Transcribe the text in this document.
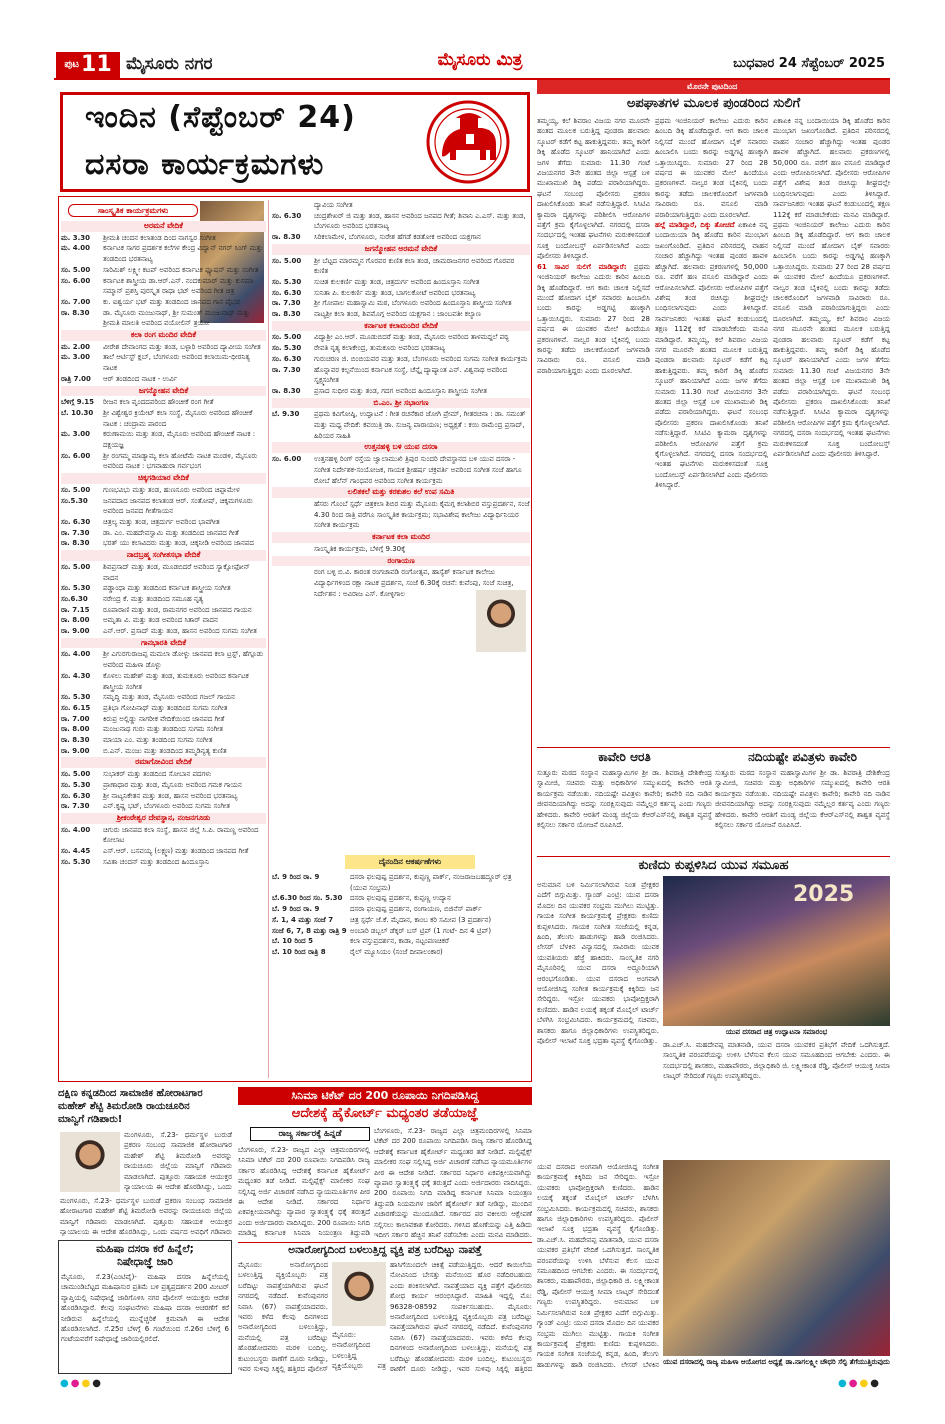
$^{ಪುಟ}$11 ಮೈಸೂರು ನಗರ	ಮೈಸೂರು ಮಿತ್ರ	ಬುಧವಾರ 24 ಸೆಪ್ಟೆಂಬರ್ 2025
ಇಂದಿನ (ಸೆಪ್ಟೆಂಬರ್ 24)
ದಸರಾ ಕಾರ್ಯಕ್ರಮಗಳು
ಸಾಂಸ್ಕೃತಿಕ ಕಾರ್ಯಕ್ರಮಗಳು
ಅರಮನೆ ವೇದಿಕೆ
ಮ. 3.30	ಶ್ರೀಮತಿ ಚಂದನ ಕಲಾತಂಡ ದಿಂದ ನಾಗಸ್ವರ ಸಂಗೀತ
ಮ. 4.00	ಕರ್ನಾಟಕ ಸಾಗರ ಪ್ರದರ್ಶಕ ಕಲೆಗಳ ಕೇಂದ್ರ ವಿದ್ವಾನ್ ನಗರ್ ಸಿಂಗ್ ಮತ್ತು ತಂಡದಿಂದ ಭರತನಾಟ್ಯ
ಸಂ. 5.00	ಸಾರಿಮಿಶ್ ಲಕ್ಷ್ಮೀ ಕಟಪ್ ಅವರಿಂದ ಕರ್ನಾಟಕ ಫ್ಯೂಷನ್ ಮತ್ತು ಸಂಗೀತ
ಸಂ. 6.00	ಕರ್ನಾಟಕ ಶಾಸ್ತ್ರೀಯ ಡಾ.ಆರ್.ಎನ್. ನಂದಕುಮಾರ್ ಮತ್ತು ಕುಸಮಾ ಸಮ್ಮಾನ್ ಪ್ರಶಸ್ತಿ ಪುರಸ್ಕೃತ ರಾಧಾ ಭಟ್ ಅವರಿಂದ ಗೀತ ಚಿತ್ರ
ಸಂ. 7.00	ಕು. ಐಶ್ವರ್ಯ ಭಟ್ ಮತ್ತು ತಂಡದಿಂದ ಜಾನಪದ ಗಾನ ವೈಭವ
ರಾ. 8.30	ಡಾ. ಮೈಸೂರು ಮಂಜುನಾಥ್, ಶ್ರೀ ಸುಮಂತ್ ಮಂಜುನಾಥ್ ಮತ್ತು ಶ್ರೀಮತಿ ಮಾಲತಿ ಅವರಿಂದ ವಯೋಲಿನ್ ತ್ರಯೋ
ಕಲಾ ರಂಗ ಮಂದಿರ ವೇದಿಕೆ
ಮ. 2.00	ವೀರೇಶ ದೇವಾಂಗದ ಮತ್ತು ತಂಡ, ಬಳ್ಳಾರಿ ಅವರಿಂದ ದ್ಯಾವೀಯ ಸಂಗೀತ
ಮ. 3.00	ತಾಲೆ ಆರ್ಟಿಸ್ಟ್ ಕ್ಲಬ್, ಬೆಂಗಳೂರು ಅವರಿಂದ ಕಲಾಯಿಮ-ಧೀರನಿತ್ಯ ನಾಟಕ
ರಾತ್ರಿ 7.00	ಆರ್ ತಂಡದಿಂದ ನಾಟಕ - ಉರ್ವಿ
ಜಗನ್ಮೋಹನ ವೇದಿಕೆ
ಬೆಳಿಗ್ಗೆ 9.15	ರೀಜನ ಕಲಾ ವೃಂದದವರಿಂದ ಹೌಂಚೀಕೆ ರಂಗ ಗೀತೆ
ಬೆ. 10.30	ಶ್ರೀ ವಿಶ್ವೇಶ್ವರ ಕ್ರಿಯೇಟ್ ಕಲಾ ಸಂಸ್ಥೆ, ಮೈಸೂರು ಅವರಿಂದ ಹೌಂಚೀಕೆ ನಾಟಕ : ಚಂದ್ರಾಮ ಪಾರಂದ
ಮ. 3.00	ಕರುಣಾಮಯಿ ಮತ್ತು ತಂಡ, ಮೈಸೂರು ಅವರಿಂದ ಹೌಂಚೀಕೆ ನಾಟಕ : ದಕ್ಷಯಜ್ಞ
ಸಂ. 6.00	ಶ್ರೀ ರಂಗಮ್ಮ ಮಾಡ್ಯಾಮ್ಯ ಕಲಾ ಹೋಟೆಮೆ ನಾಟಕ ಮಂಡಳಿ, ಮೈಸೂರು ಅವರಿಂದ ನಾಟಕ : ಭಗವಾಹುರಾ ಗರ್ವಭಂಗ
ಚಿಕ್ಕಗಡಿಯಾರ ವೇದಿಕೆ
ಸಂ. 5.00	ಗುಣಭವಿಭು ಮತ್ತು ತಂಡ, ಹುಣಸೂರು ಅವರಿಂದ ಚಿಪ್ಪಾಮೇಳ
ಸಂ.5.30	ಜನಪದಾದ ಜಾನಪದ ಕಲಾತಂಡ ಆರ್. ಸಂತೋಷ್, ಚಿಕ್ಕಮಗಳೂರು ಅವರಿಂದ ಜನಪದ ಗೀತೆಗಾಯನ
ಸಂ. 6.30	ಚಿತ್ರಲ್ಯ ಮತ್ತು ತಂಡ, ಚಿತ್ರದುರ್ಗ ಅವರಿಂದ ಭಾವಗೀತ
ರಾ. 7.30	ಡಾ. ಎಂ. ಮಹದೇವಸ್ವಾಮಿ ಮತ್ತು ತಂಡದಿಂದ ಜಾನಪದ ಗೀತೆ
ರಾ. 8.30	ಭರತ್ ಯು ಕಲಾವಿದರು ಮತ್ತು ತಂಡ, ಚಿಕ್ಕನೀಡಿ ಅವರಿಂದ ಜಾನಪದ
ನಾದಬ್ರಹ್ಮ ಸಂಗೀತಸಭಾ ವೇದಿಕೆ
ಸಂ. 5.00	ಶಿವಪ್ರಸಾದ್ ಮತ್ತು ತಂಡ, ಮೂಡಬಿದರೆ ಅವರಿಂದ ಸ್ಯಾಕ್ಸೋಫೋನ್ ವಾದನ
ಸಂ. 5.30	ಪಡ್ಡಾಂಧಾ ಮತ್ತು ತಂಡದಿಂದ ಕರ್ನಾಟಕ ಶಾಸ್ತ್ರೀಯ ಸಂಗೀತ
ಸಂ.6.30	ನರೇಂದ್ರ ಕೆ. ಮತ್ತು ತಂಡದಿಂದ ಸಮೂಹ ನೃತ್ಯ
ರಾ. 7.15	ರೂಪಾರಾಣಿ ಮತ್ತು ತಂಡ, ರಾಮನಗರ ಅವರಿಂದ ಜಾನಪದ ಗಾಯನ
ರಾ. 8.00	ಅಮೃತಾ ವಿ. ಮತ್ತು ತಂಡ ಅವರಿಂದ ಸಿತಾರ್ ವಾದನ
ರಾ. 9.00	ಎನ್.ಆರ್. ಪ್ರಸಾದ್ ಮತ್ತು ತಂಡ, ಹಾಸನ ಅವರಿಂದ ಸುಗಮ ಸಂಗೀತ
ಗಾನಭಾರತಿ ವೇದಿಕೆ
ಸಂ. 4.00	ಶ್ರೀ ಎಗುರಗುರಾಜಪ್ಪ ಮಮಲಾ ಡೋಳ್ಳು ಜಾನಪದ ಕಲಾ ಟ್ರಸ್ಟ್, ಹೆಗ್ಗೂಡು ಅವರಿಂದ ಮಹಿಳಾ ಡೊಳ್ಳು
ಸಂ. 4.30	ಕೊಳಲು ಮಹೇಶ್ ಮತ್ತು ತಂಡ, ತುಮಕೂರು ಅವರಿಂದ ಕರ್ನಾಟಕ ಶಾಸ್ತ್ರೀಯ ಸಂಗೀತ
ಸಂ. 5.30	ಸಮೃದ್ಧಿ ಮತ್ತು ತಂಡ, ಮೈಸೂರು ಅವರಿಂದ ಗಜಲ್ ಗಾಯನ
ಸಂ. 6.15	ಪ್ರತಿಭಾ ಗೋಪಿನಾಥ್ ಮತ್ತು ತಂಡದಿಂದ ಸುಗಮ ಸಂಗೀತ
ರಾ. 7.00	ಕಿರುಪ್ರ ಅಲ್ಲಿಡ್ಡು ನಾಗರೀಕ ವೇದಿಕೆಯಿಂದ ಜಾನಪದ ಗೀತೆ
ರಾ. 8.00	ಮಂಜುನಾಥ ಗುರು ಮತ್ತು ತಂಡದಿಂದ ಸುಗಮ ಸಂಗೀತ
ರಾ. 8.30	ಮಾಯಾ ಎಂ. ಮತ್ತು ತಂಡದಿಂದ ಸುಗಮ ಸಂಗೀತ
ರಾ. 9.00	ಬಿ.ಎನ್. ಮಂಜು ಮತ್ತು ತಂಡದಿಂದ ತಮ್ಮಡಿನ್ಯತ್ಯ ಕುಣಿತ
ರಮಾಗೋವಿಂದ ವೇದಿಕೆ
ಸಂ. 5.00	ಸುಭಾಕರ್ ಮತ್ತು ತಂಡದಿಂದ ಸೋಬಾನ ಪದಗಳು
ಸಂ. 5.30	ಪ್ರಾಣಾಧಾರ ಮತ್ತು ತಂಡ, ಮೈಸೂರು ಅವರಿಂದ ಗಮಕ ಗಾಯನ
ಸಂ. 6.30	ಶ್ರೀ ನಾಟ್ಯನಿಕೇತನ ಮತ್ತು ತಂಡ, ಹಾಸನ ಅವರಿಂದ ಭರತನಾಟ್ಯ
ರಾ. 7.30	ಎನ್.ಕೃಷ್ಣ ಭಟ್, ಬೆಂಗಳೂರು ಅವರಿಂದ ಸುಗಮ ಸಂಗೀತ
ಶ್ರೀಕಂಠೇಶ್ವರ ದೇವಸ್ಥಾನ, ನಂಜನಗೂಡು
ಸಂ. 4.00	ಚಿಗುರು ಜಾನಪದ ಕಲಾ ಸಂಸ್ಥೆ, ಹಾಸನ ಜಿಲ್ಲೆ ಸಿ.ಪಿ. ರಾಮಣ್ಣ ಅವರಿಂದ ಕೋಲಾಟ
ಸಂ. 4.45	ಎಸ್.ಆರ್. ಬಸವಯ್ಯ (ಲಕ್ಷ್ಮಣ) ಮತ್ತು ತಂಡದಿಂದ ಜಾನಪದ ಗೀತೆ
ಸಂ. 5.30	ಸವಿತಾ ಚಂದನ್ ಮತ್ತು ತಂಡದಿಂದ ಹಿಂದೂಸ್ತಾನಿ
ದ್ಯಾವಿಯ ಸಂಗೀತ
ಸಂ. 6.30	ಚಂದ್ರಶೇಖರ್ ಜಿ ಮತ್ತು ತಂಡ, ಹಾಸನ ಅವರಿಂದ ಜನಪದ ಗೀತೆ; ಶಿವಾನಿ ಎ.ಎಸ್. ಮತ್ತು ತಂಡ, ಬೆಂಗಳೂರು ಅವರಿಂದ ಭರತನಾಟ್ಯ
ರಾ. 8.30	ಸಿರಿಕಲಾಮೇಳ, ಬೆಂಗಳೂರು, ಸುರೇಶ ಹೆಗಡೆ ಕಡತೋಕ ಅವರಿಂದ ಯಕ್ಷಗಾನ
ಜಗನ್ಮೋಹನ ಅರಮನೆ ವೇದಿಕೆ
ಸಂ. 5.00	ಶ್ರೀ ಬೆಟ್ಟದ ಮಾರಮ್ಮನ ಗೊರವರ ಕುಣಿತ ಕಲಾ ತಂಡ, ಚಾಮರಾಜನಗರ ಅವರಿಂದ ಗೊರವರ ಕುಣಿತ
ಸಂ. 5.30	ಸುಚಿತ ಕುಲಕರ್ಣಿ ಮತ್ತು ತಂಡ, ಚಿತ್ರದುರ್ಗ ಅವರಿಂದ ಹಿಂದೂಸ್ತಾನಿ ಸಂಗೀತ
ಸಂ. 6.30	ಸುನಿತಾ ಪಿ. ಕುಲಕರ್ಣಿ ಮತ್ತು ತಂಡ, ಬಾಗಲಕೋಟೆ ಅವರಿಂದ ಭರತನಾಟ್ಯ
ರಾ. 7.30	ಶ್ರೀ ಗೋಪಾಲ ಮಹಾಸ್ವಾಮಿ ಮಠ, ಬೆಂಗಳೂರು ಅವರಿಂದ ಹಿಂದೂಸ್ತಾನಿ ಶಾಸ್ತ್ರೀಯ ಸಂಗೀತ
ರಾ. 8.30	ನಾಟ್ಯಶ್ರೀ ಕಲಾ ತಂಡ, ಶಿವಮೊಗ್ಗ ಅವರಿಂದ ಯಕ್ಷಗಾನ : ಜಾಂಬವತೀ ಕಲ್ಯಾಣ
ಕರ್ನಾಟಕ ಕಲಾಮಂದಿರ ವೇದಿಕೆ
ಸಂ. 5.00	ವಿದ್ಯಾಶ್ರೀ ಎಂ.ಆರ್. ಮೂಡುಬಿದರೆ ಮತ್ತು ತಂಡ, ಮೈಸೂರು ಅವರಿಂದ ತಾಳಮದ್ದಲೆ ಪಠ್ಯ
ಸಂ. 5.30	ರೇವತಿ ನೃತ್ಯ ಕಲಾಕೇಂದ್ರ, ತುಮಕೂರು ಅವರಿಂದ ಭರತನಾಟ್ಯ
ಸಂ. 6.30	ಗುರುಚರಣ ಜಿ. ಬಿಂಬಿಯವರ ಮತ್ತು ತಂಡ, ಬೆಂಗಳೂರು ಅವರಿಂದ ಸುಗಮ ಸಂಗೀತ ಕಾರ್ಯಕ್ರಮ
ರಾ. 7.30	ಹೊನ್ನಾವರ ಕಲ್ಪನೆಯಿಂದ ಕರ್ನಾಟಕ ಸಂಸ್ಥೆ, ಚೆನ್ನೈ ದ್ಯಾಷ್ಯಾಂತ ಎನ್. ವಿಶ್ವನಾಥ ಅವರಿಂದ ಸೃಕ್ಷ್ಮಸಂಗೀತ
ರಾ. 8.30	ಪ್ರಸಾದ ಸುಧೀರ ಮತ್ತು ತಂಡ, ಗದಗ ಅವರಿಂದ ಹಿಂದೂಸ್ತಾನಿ ಶಾಸ್ತ್ರೀಯ ಸಂಗೀತ
ಬಿ.ಎಂ. ಶ್ರೀ ಸಭಾಂಗಣ
ಬೆ. 9.30	ಪ್ರಥಮ ಕವಿಗೋಷ್ಠಿ, ಉದ್ಘಾಟನೆ : ಗೀತ ರಚನೆಕಾರ ಜೋಗಿ ಪ್ರೇಮ್, ಗೀತರಚನಾ : ಡಾ. ಸಮಂತ್ ಮತ್ತು ಮಧ್ಯ ವೇದಿಕೆ: ಕವಯಿತ್ರಿ ಡಾ. ಸುಜನ್ಯ ಪಾರಾಯಣ; ಅಧ್ಯಕ್ಷತೆ : ಕಯಿ ರಾಮೆಂದ್ರ ಪ್ರಸಾದ್, ಹಿರಿಯರ ಸಾಹಿತಿ
ಉತ್ತನಹಳ್ಳಿ ಬಳಿ ಯುವ ದಸರಾ
ಸಂ. 6.00	ಉತ್ತನಹಳ್ಳಿ ರಿಂಗ್ ರಸ್ತೆಯ ಜ್ವಾಲಾಮುಖಿ ತ್ರಿಪುರ ಸುಂದರಿ ದೇವಸ್ಥಾನದ ಬಳಿ ಯುವ ದಸರಾ - ಸಂಗೀತ ನಿರ್ದೇಶಕ-ಸಂಯೋಜಕ, ಗಾಯಕ ಶ್ರೀಹರ್ಷ ಚಕ್ರವರ್ತಿ ಅವರಿಂದ ಸಂಗೀತ ಸಂಜೆ ಹಾಗೂ ರೋಬೆ ಹೆಲೆನ್ ಗಾಂಧವರ ಅವರಿಂದ ಸಂಗೀತ ಕಾರ್ಯಕ್ರಮ
ಲಲಿತಕಲೆ ಮತ್ತು ಕರಕುಶಲ ಕಲೆ ಉಪ ಸಮಿತಿ
ಹೆಸರು ಗೊಂಬೆ ಸ್ಪರ್ಧೆ ಚಿತ್ರಕಲಾ ಶಿಬಿರ ಮತ್ತು ಮೈಸೂರು ಕೈಮಗ್ಗ ಕಲಾಶಿಬಿರ ವಸ್ತುಪ್ರದರ್ಶನ, ಸಂಜೆ 4.30 ರಿಂದ ರಾತ್ರಿ ವರೆಗೂ ಸಾಂಸ್ಕೃತಿಕ ಕಾರ್ಯಕ್ರಮ; ಸಭಾವಿಶೇಷ ಕಾಲೇಜು ವಿದ್ಯಾರ್ಥಿನಿಯರ ಸಂಗೀತ ಕಾರ್ಯಕ್ರಮ
ಕರ್ನಾಟಕ ಕಲಾ ಮಂದಿರ
ಸಾಂಸ್ಕೃತಿಕ ಕಾರ್ಯಕ್ರಮ, ಬೆಳಿಗ್ಗೆ 9.30ಕ್ಕೆ
ರಂಗಾಯಣ
ರಂಗ ಬಳ್ಳಿ ಬಿ.ವಿ. ಕಾರಂತ ರಂಗಚಾವಡಿ ರಂಗೋತ್ಸವ, ಹಾಸ್ಯೆಶ್ ಕರ್ನಾಟಕ ಕಾಲೇಜು ವಿದ್ಯಾರ್ಥಿಗಳಿಂದ ರಕ್ಷಾ ನಾಟಕ ಪ್ರದರ್ಶನ, ಸಂಜೆ 6.30ಕ್ಕೆ ರಚನೆ: ಕುವೆಂಪು, ಸಂಜೆ ಸುಚಿತ್ರ, ನಿರ್ದೇಶನ : ಅವಿರಾಜ ಎಸ್. ಕೋಳ್ಳಿಗಾಲ
ದೈನಂದಿನ ಆಕರ್ಷಣೆಗಳು
ಬೆ. 9 ರಿಂದ ರಾ. 9	ದಸರಾ ಫಲಪುಷ್ಪ ಪ್ರದರ್ಶನ, ಕುಪ್ಪಣ್ಣ ಪಾರ್ಕ್, ನಂಜರಾಜಬಹದ್ದೂರ್ ಛತ್ರ (ಯುವ ಸಂಭ್ರಮ)
ಬೆ.6.30 ರಿಂದ ಸಂ. 5.30	ದಸರಾ ಫಲಪುಷ್ಪ ಪ್ರದರ್ಶನ, ಕುಪ್ಪಣ್ಣ ಉದ್ಯಾನ
ಬೆ. 9 ರಿಂದ ರಾ. 9	ದಸರಾ ಫಲಪುಷ್ಪ ಪ್ರದರ್ಶನ, ರಂಗಾಯಣ, ಬಿಜಿನೆಸ್ ಪಾರ್ಕ್
ಸೆ. 1, 4 ಮತ್ತು ಸಂಜೆ 7	ಚಿತ್ರ ಸ್ಪರ್ಧೆ ಜೆ.ಕೆ. ಮೈದಾನ, ಕಾಂಬ ಕರಿ ಸಮೀಪ (3 ಪ್ರದರ್ಶನ)
ಸಂಜೆ 6, 7, 8 ಮತ್ತು ರಾತ್ರಿ 9 ಅಂಬಾರಿ ಡಬ್ಬಲ್ ಡೆಕ್ಕರ್ ಬಸ್ ಟ್ರಿಪ್ (1 ಗಂಟೆ- ದಿನ 4 ಟ್ರಿಪ್)
ಬೆ. 10 ರಿಂದ 5	ಕಲಾ ವಸ್ತುಪ್ರದರ್ಶನ, ಕಾಡಾ, ನಟ್ಟಂಪಣಚಿಕರೆ
ಬೆ. 10 ರಿಂದ ರಾತ್ರಿ 8	ರೈಲ್ ಮ್ಯೂಸಿಯಂ (ಸಂಜೆ ದೀಪಾಲಂಕಾರ)
ಮೊರನೇ ಪುಟದಿಂದ
ಅಪಘಾತಗಳ ಮೂಲಕ ಪುಂಡರಿಂದ ಸುಲಿಗೆ
ತಮ್ಮಯ್ಯ, ಕಲೆ ಶಿವರಾಂ ವಿಜಯ ನಗರ ಮೂರನೇ ಹಂತದ ಮೂಲಕ ಬರುತ್ತಿದ್ದ ಪುಂಡರಾ ಹಲವಾರು ಸ್ಕೂಟರ್ ಕಡೆಗೆ ಕಟ್ಟ ಹಾಕುತ್ತಿದ್ದವರು. ತಮ್ಮ ಕಾರಿಗೆ ಡಿಕ್ಕಿ ಹೊಡೆದ ಸ್ಕೂಟರ್ ಹಾನಿಯಾಗಿದೆ ಎಂದು ಜಗಳ ತೆಗೆದು ಸುಮಾರು 11.30 ಗಂಟೆ ವಿಜಯನಗರ 3ನೇ ಹಂತದ ಜಿಲ್ಲಾ ಆಸ್ಪತ್ರೆ ಬಳಿ ಮುಖಾಮುಖಿ ಡಿಕ್ಕಿ ಪಡೆದು ಪರಾರಿಯಾಗಿದ್ದರು. ಘಟನೆ ಸಂಬಂಧ ಪೊಲೀಸರು ಪ್ರಕರಣ ದಾಖಲಿಸಿಕೊಂಡು ತನಿಖೆ ನಡೆಸುತ್ತಿದ್ದಾರೆ. ಸಿಸಿಟಿವಿ ಕ್ಯಾಮರಾ ದೃಶ್ಯಗಳನ್ನು ಪರಿಶೀಲಿಸಿ ಆರೋಪಿಗಳ ಪತ್ತೆಗೆ ಕ್ರಮ ಕೈಗೊಳ್ಳಲಾಗಿದೆ. ನಗರದಲ್ಲಿ ದಸರಾ ಸಂದರ್ಭದಲ್ಲಿ ಇಂತಹ ಘಟನೆಗಳು ಮರುಕಳಿಸದಂತೆ ಸೂಕ್ತ ಬಂದೋಬಸ್ತ್ ಏರ್ಪಡಿಸಲಾಗಿದೆ ಎಂದು ಪೊಲೀಸರು ತಿಳಿಸಿದ್ದಾರೆ.
61 ಸಾವಿರ ಸುಲಿಗೆ ಮಾಡಿದ್ದಾರೆ: ಪ್ರಥಮ ಇಂಜಿನಿಯರ್ ಕಾಲೇಜು ಎದುರು ಕಾರಿನ ಹಿಂಬದಿ ಡಿಕ್ಕಿ ಹೊಡೆದಿದ್ದಾರೆ. ಆಗ ಕಾರು ಚಾಲಕ ನಿಲ್ಲಿಸದೆ ಮುಂದೆ ಹೋದಾಗ ಬೈಕ್ ಸವಾರರು ಹಿಂಬಾಲಿಸಿ ಬಂದು ಕಾರನ್ನು ಅಡ್ಡಗಟ್ಟಿ ಹಣಕ್ಕಾಗಿ ಒತ್ತಾಯಿಸಿದ್ದರು. ಸುಮಾರು 27 ರಿಂದ 28 ವರ್ಷದ ಈ ಯುವಕರ ಮೇಲೆ ಹಿಂದೆಯೂ ಪ್ರಕರಣಗಳಿವೆ. ನಾಲ್ವರ ತಂಡ ಬೈಕಿನಲ್ಲಿ ಬಂದು ಕಾರನ್ನು ತಡೆದು ಚಾಲಕರೊಂದಿಗೆ ಜಗಳವಾಡಿ ಸಾವಿರಾರು ರೂ. ವಸೂಲಿ ಮಾಡಿ ಪರಾರಿಯಾಗುತ್ತಿದ್ದರು ಎಂದು ದೂರಲಾಗಿದೆ.
ಪ್ರಥಮ ಇಂಜಿನಿಯರ್ ಕಾಲೇಜು ಎದುರು ಕಾರಿನ ಹಿಂಬದಿ ಡಿಕ್ಕಿ ಹೊಡೆದಿದ್ದಾರೆ. ಆಗ ಕಾರು ಚಾಲಕ ನಿಲ್ಲಿಸದೆ ಮುಂದೆ ಹೋದಾಗ ಬೈಕ್ ಸವಾರರು ಹಿಂಬಾಲಿಸಿ ಬಂದು ಕಾರನ್ನು ಅಡ್ಡಗಟ್ಟಿ ಹಣಕ್ಕಾಗಿ ಒತ್ತಾಯಿಸಿದ್ದರು. ಸುಮಾರು 27 ರಿಂದ 28 ವರ್ಷದ ಈ ಯುವಕರ ಮೇಲೆ ಹಿಂದೆಯೂ ಪ್ರಕರಣಗಳಿವೆ. ನಾಲ್ವರ ತಂಡ ಬೈಕಿನಲ್ಲಿ ಬಂದು ಕಾರನ್ನು ತಡೆದು ಚಾಲಕರೊಂದಿಗೆ ಜಗಳವಾಡಿ ಸಾವಿರಾರು ರೂ. ವಸೂಲಿ ಮಾಡಿ ಪರಾರಿಯಾಗುತ್ತಿದ್ದರು ಎಂದು ದೂರಲಾಗಿದೆ.
ಹಲ್ಲೆ ಮಾಡಿದ್ದಾರೆ, ದಿಕ್ಕು ತೋಚದೆ ಏಕಾಏಕಿ ನನ್ನ ಬಂದಾಯಿಯಾ ಡಿಕ್ಕಿ ಹೊಡೆದ ಕಾರಿನ ಮುಂಭಾಗ ಜಖಂಗೊಂಡಿದೆ. ಪ್ರತಿದಿನ ಪರಿಸರದಲ್ಲಿ ವಾಹನ ಸಂಚಾರ ಹೆಚ್ಚಾಗಿದ್ದು ಇಂತಹ ಪುಂಡರ ಹಾವಳಿ ಹೆಚ್ಚಾಗಿದೆ. ಹಲವಾರು ಪ್ರಕರಣಗಳಲ್ಲಿ 50,000 ರೂ. ವರೆಗೆ ಹಣ ವಸೂಲಿ ಮಾಡಿದ್ದಾರೆ ಎಂದು ಆರೋಪಿಸಲಾಗಿದೆ. ಪೊಲೀಸರು ಆರೋಪಿಗಳ ಪತ್ತೆಗೆ ವಿಶೇಷ ತಂಡ ರಚಿಸಿದ್ದು ಶೀಘ್ರದಲ್ಲೇ ಬಂಧಿಸಲಾಗುವುದು ಎಂದು ತಿಳಿಸಿದ್ದಾರೆ. ಸಾರ್ವಜನಿಕರು ಇಂತಹ ಘಟನೆ ಕಂಡುಬಂದಲ್ಲಿ ತಕ್ಷಣ 112ಕ್ಕೆ ಕರೆ ಮಾಡಬೇಕೆಂದು ಮನವಿ ಮಾಡಿದ್ದಾರೆ. ತಮ್ಮಯ್ಯ, ಕಲೆ ಶಿವರಾಂ ವಿಜಯ ನಗರ ಮೂರನೇ ಹಂತದ ಮೂಲಕ ಬರುತ್ತಿದ್ದ ಪುಂಡರಾ ಹಲವಾರು ಸ್ಕೂಟರ್ ಕಡೆಗೆ ಕಟ್ಟ ಹಾಕುತ್ತಿದ್ದವರು. ತಮ್ಮ ಕಾರಿಗೆ ಡಿಕ್ಕಿ ಹೊಡೆದ ಸ್ಕೂಟರ್ ಹಾನಿಯಾಗಿದೆ ಎಂದು ಜಗಳ ತೆಗೆದು ಸುಮಾರು 11.30 ಗಂಟೆ ವಿಜಯನಗರ 3ನೇ ಹಂತದ ಜಿಲ್ಲಾ ಆಸ್ಪತ್ರೆ ಬಳಿ ಮುಖಾಮುಖಿ ಡಿಕ್ಕಿ ಪಡೆದು ಪರಾರಿಯಾಗಿದ್ದರು. ಘಟನೆ ಸಂಬಂಧ ಪೊಲೀಸರು ಪ್ರಕರಣ ದಾಖಲಿಸಿಕೊಂಡು ತನಿಖೆ ನಡೆಸುತ್ತಿದ್ದಾರೆ. ಸಿಸಿಟಿವಿ ಕ್ಯಾಮರಾ ದೃಶ್ಯಗಳನ್ನು ಪರಿಶೀಲಿಸಿ ಆರೋಪಿಗಳ ಪತ್ತೆಗೆ ಕ್ರಮ ಕೈಗೊಳ್ಳಲಾಗಿದೆ. ನಗರದಲ್ಲಿ ದಸರಾ ಸಂದರ್ಭದಲ್ಲಿ ಇಂತಹ ಘಟನೆಗಳು ಮರುಕಳಿಸದಂತೆ ಸೂಕ್ತ ಬಂದೋಬಸ್ತ್ ಏರ್ಪಡಿಸಲಾಗಿದೆ ಎಂದು ಪೊಲೀಸರು ತಿಳಿಸಿದ್ದಾರೆ.
ಏಕಾಏಕಿ ನನ್ನ ಬಂದಾಯಿಯಾ ಡಿಕ್ಕಿ ಹೊಡೆದ ಕಾರಿನ ಮುಂಭಾಗ ಜಖಂಗೊಂಡಿದೆ. ಪ್ರತಿದಿನ ಪರಿಸರದಲ್ಲಿ ವಾಹನ ಸಂಚಾರ ಹೆಚ್ಚಾಗಿದ್ದು ಇಂತಹ ಪುಂಡರ ಹಾವಳಿ ಹೆಚ್ಚಾಗಿದೆ. ಹಲವಾರು ಪ್ರಕರಣಗಳಲ್ಲಿ 50,000 ರೂ. ವರೆಗೆ ಹಣ ವಸೂಲಿ ಮಾಡಿದ್ದಾರೆ ಎಂದು ಆರೋಪಿಸಲಾಗಿದೆ. ಪೊಲೀಸರು ಆರೋಪಿಗಳ ಪತ್ತೆಗೆ ವಿಶೇಷ ತಂಡ ರಚಿಸಿದ್ದು ಶೀಘ್ರದಲ್ಲೇ ಬಂಧಿಸಲಾಗುವುದು ಎಂದು ತಿಳಿಸಿದ್ದಾರೆ. ಸಾರ್ವಜನಿಕರು ಇಂತಹ ಘಟನೆ ಕಂಡುಬಂದಲ್ಲಿ ತಕ್ಷಣ 112ಕ್ಕೆ ಕರೆ ಮಾಡಬೇಕೆಂದು ಮನವಿ ಮಾಡಿದ್ದಾರೆ. ಪ್ರಥಮ ಇಂಜಿನಿಯರ್ ಕಾಲೇಜು ಎದುರು ಕಾರಿನ ಹಿಂಬದಿ ಡಿಕ್ಕಿ ಹೊಡೆದಿದ್ದಾರೆ. ಆಗ ಕಾರು ಚಾಲಕ ನಿಲ್ಲಿಸದೆ ಮುಂದೆ ಹೋದಾಗ ಬೈಕ್ ಸವಾರರು ಹಿಂಬಾಲಿಸಿ ಬಂದು ಕಾರನ್ನು ಅಡ್ಡಗಟ್ಟಿ ಹಣಕ್ಕಾಗಿ ಒತ್ತಾಯಿಸಿದ್ದರು. ಸುಮಾರು 27 ರಿಂದ 28 ವರ್ಷದ ಈ ಯುವಕರ ಮೇಲೆ ಹಿಂದೆಯೂ ಪ್ರಕರಣಗಳಿವೆ. ನಾಲ್ವರ ತಂಡ ಬೈಕಿನಲ್ಲಿ ಬಂದು ಕಾರನ್ನು ತಡೆದು ಚಾಲಕರೊಂದಿಗೆ ಜಗಳವಾಡಿ ಸಾವಿರಾರು ರೂ. ವಸೂಲಿ ಮಾಡಿ ಪರಾರಿಯಾಗುತ್ತಿದ್ದರು ಎಂದು ದೂರಲಾಗಿದೆ. ತಮ್ಮಯ್ಯ, ಕಲೆ ಶಿವರಾಂ ವಿಜಯ ನಗರ ಮೂರನೇ ಹಂತದ ಮೂಲಕ ಬರುತ್ತಿದ್ದ ಪುಂಡರಾ ಹಲವಾರು ಸ್ಕೂಟರ್ ಕಡೆಗೆ ಕಟ್ಟ ಹಾಕುತ್ತಿದ್ದವರು. ತಮ್ಮ ಕಾರಿಗೆ ಡಿಕ್ಕಿ ಹೊಡೆದ ಸ್ಕೂಟರ್ ಹಾನಿಯಾಗಿದೆ ಎಂದು ಜಗಳ ತೆಗೆದು ಸುಮಾರು 11.30 ಗಂಟೆ ವಿಜಯನಗರ 3ನೇ ಹಂತದ ಜಿಲ್ಲಾ ಆಸ್ಪತ್ರೆ ಬಳಿ ಮುಖಾಮುಖಿ ಡಿಕ್ಕಿ ಪಡೆದು ಪರಾರಿಯಾಗಿದ್ದರು. ಘಟನೆ ಸಂಬಂಧ ಪೊಲೀಸರು ಪ್ರಕರಣ ದಾಖಲಿಸಿಕೊಂಡು ತನಿಖೆ ನಡೆಸುತ್ತಿದ್ದಾರೆ. ಸಿಸಿಟಿವಿ ಕ್ಯಾಮರಾ ದೃಶ್ಯಗಳನ್ನು ಪರಿಶೀಲಿಸಿ ಆರೋಪಿಗಳ ಪತ್ತೆಗೆ ಕ್ರಮ ಕೈಗೊಳ್ಳಲಾಗಿದೆ. ನಗರದಲ್ಲಿ ದಸರಾ ಸಂದರ್ಭದಲ್ಲಿ ಇಂತಹ ಘಟನೆಗಳು ಮರುಕಳಿಸದಂತೆ ಸೂಕ್ತ ಬಂದೋಬಸ್ತ್ ಏರ್ಪಡಿಸಲಾಗಿದೆ ಎಂದು ಪೊಲೀಸರು ತಿಳಿಸಿದ್ದಾರೆ.
ಕಾವೇರಿ ಆರತಿ	ನದಿಯಷ್ಟೇ ಪವಿತ್ರಳು ಕಾವೇರಿ
ಸುತ್ತೂರು ಮಠದ ಸಂಸ್ಥಾನ ಮಹಾಸ್ವಾಮಿಗಳ ಶ್ರೀ ಡಾ. ಶಿವರಾತ್ರಿ ದೇಶಿಕೇಂದ್ರ ಸ್ವಾಮೀಜಿ, ಸಚಿವರು ಮತ್ತು ಅಧಿಕಾರಿಗಳ ಸಮ್ಮುಖದಲ್ಲಿ ಕಾವೇರಿ ಆರತಿ ಕಾರ್ಯಕ್ರಮ ನಡೆಯಿತು. ನದಿಯಷ್ಟೇ ಪವಿತ್ರಳು ಕಾವೇರಿ; ಕಾವೇರಿ ನದಿ ನಾಡಿನ ಜೀವನದಿಯಾಗಿದ್ದು ಅದನ್ನು ಸಂರಕ್ಷಿಸುವುದು ನಮ್ಮೆಲ್ಲರ ಕರ್ತವ್ಯ ಎಂದು ಗಣ್ಯರು ಹೇಳಿದರು. ಕಾವೇರಿ ಆರತಿಗೆ ಮಂಡ್ಯ ಜಿಲ್ಲೆಯ ಕೆಆರ್‌ಎಸ್‌ನಲ್ಲಿ ಶಾಶ್ವತ ವ್ಯವಸ್ಥೆ ಕಲ್ಪಿಸಲು ಸರ್ಕಾರ ಯೋಜನೆ ರೂಪಿಸಿದೆ.
ಸುತ್ತೂರು ಮಠದ ಸಂಸ್ಥಾನ ಮಹಾಸ್ವಾಮಿಗಳ ಶ್ರೀ ಡಾ. ಶಿವರಾತ್ರಿ ದೇಶಿಕೇಂದ್ರ ಸ್ವಾಮೀಜಿ, ಸಚಿವರು ಮತ್ತು ಅಧಿಕಾರಿಗಳ ಸಮ್ಮುಖದಲ್ಲಿ ಕಾವೇರಿ ಆರತಿ ಕಾರ್ಯಕ್ರಮ ನಡೆಯಿತು. ನದಿಯಷ್ಟೇ ಪವಿತ್ರಳು ಕಾವೇರಿ; ಕಾವೇರಿ ನದಿ ನಾಡಿನ ಜೀವನದಿಯಾಗಿದ್ದು ಅದನ್ನು ಸಂರಕ್ಷಿಸುವುದು ನಮ್ಮೆಲ್ಲರ ಕರ್ತವ್ಯ ಎಂದು ಗಣ್ಯರು ಹೇಳಿದರು. ಕಾವೇರಿ ಆರತಿಗೆ ಮಂಡ್ಯ ಜಿಲ್ಲೆಯ ಕೆಆರ್‌ಎಸ್‌ನಲ್ಲಿ ಶಾಶ್ವತ ವ್ಯವಸ್ಥೆ ಕಲ್ಪಿಸಲು ಸರ್ಕಾರ ಯೋಜನೆ ರೂಪಿಸಿದೆ.
ಕುಣಿದು ಕುಪ್ಪಳಿಸಿದ ಯುವ ಸಮೂಹ
ಅನುಮಾನ ಬಳಿ ನಿರ್ಮಿಸಲಾಗಿರುವ ನಿಂತ ಪ್ರೇಕ್ಷಕರ ಎದೆಗೆ ಬಿಗ್ಗುಮಿತ್ತು. ಗ್ಯಾಂಡ್ ಎಂಟ್ರಿ: ಯುವ ದಸರಾ ಮೊದಲ ದಿನ ಯುವಕರ ಸಂಭ್ರಮ ಮುಗಿಲು ಮುಟ್ಟಿತ್ತು. ಗಾಯಕಿ ಸಂಗೀತ ಕಾರ್ಯಕ್ರಮಕ್ಕೆ ಪ್ರೇಕ್ಷಕರು ಕುಣಿದು ಕುಪ್ಪಳಿಸಿದರು. ಗಾಯಕ ಸಂಗೀತ ಸಂಜೆಯಲ್ಲಿ ಕನ್ನಡ, ಹಿಂದಿ, ತೆಲುಗು ಹಾಡುಗಳನ್ನು ಹಾಡಿ ರಂಜಿಸಿದರು. ಲೇಸರ್ ಬೆಳಕಿನ ವಿನ್ಯಾಸದಲ್ಲಿ ಸಾವಿರಾರು ಯುವಕ ಯುವತಿಯರು ಹೆಜ್ಜೆ ಹಾಕಿದರು. ಸಾಂಸ್ಕೃತಿಕ ನಗರಿ ಮೈಸೂರಿನಲ್ಲಿ ಯುವ ದಸರಾ ಅದ್ದೂರಿಯಾಗಿ ಆರಂಭಗೊಂಡಿತು. ಯುವ ದಸರಾದ ಅಂಗವಾಗಿ ಆಯೋಜಿಸಿದ್ದ ಸಂಗೀತ ಕಾರ್ಯಕ್ರಮಕ್ಕೆ ಕಿಕ್ಕಿರಿದು ಜನ ಸೇರಿದ್ದರು. ಇಸ್ರೋ ಯುವಕರು ಭಾವೋದ್ರಿಕ್ತರಾಗಿ ಕುಣಿದರು. ಹಾಡಿನ ಲಯಕ್ಕೆ ತಕ್ಕಂತೆ ಮೊಬೈಲ್ ಟಾರ್ಚ್ ಬೆಳಗಿಸಿ ಸಂಭ್ರಮಿಸಿದರು. ಕಾರ್ಯಕ್ರಮದಲ್ಲಿ ಸಚಿವರು, ಶಾಸಕರು ಹಾಗೂ ಜಿಲ್ಲಾಧಿಕಾರಿಗಳು ಉಪಸ್ಥಿತರಿದ್ದರು. ಪೊಲೀಸ್ ಇಲಾಖೆ ಸೂಕ್ತ ಭದ್ರತಾ ವ್ಯವಸ್ಥೆ ಕೈಗೊಂಡಿತ್ತು.
2025
ಯುವ ದಸರಾದ ಚಿತ್ರ ಉದ್ಘಾಟನಾ ಸಮಾರಂಭ
ಡಾ.ಎಚ್.ಸಿ. ಮಹದೇವಪ್ಪ ಮಾತನಾಡಿ, ಯುವ ದಸರಾ ಯುವಕರ ಪ್ರತಿಭೆಗೆ ವೇದಿಕೆ ಒದಗಿಸುತ್ತದೆ. ಸಾಂಸ್ಕೃತಿಕ ಪರಂಪರೆಯನ್ನು ಉಳಿಸಿ ಬೆಳೆಸುವ ಕೆಲಸ ಯುವ ಸಮೂಹದಿಂದ ಆಗಬೇಕು ಎಂದರು. ಈ ಸಂದರ್ಭದಲ್ಲಿ ಶಾಸಕರು, ಮಹಾಪೌರರು, ಜಿಲ್ಲಾಧಿಕಾರಿ ಜಿ. ಲಕ್ಷ್ಮೀಕಾಂತ ರೆಡ್ಡಿ, ಪೊಲೀಸ್ ಆಯುಕ್ತ ಸೀಮಾ ಲಾಟ್ಕರ್ ಸೇರಿದಂತೆ ಗಣ್ಯರು ಉಪಸ್ಥಿತರಿದ್ದರು.
ಯುವ ದಸರಾದಲ್ಲಿ ರಾಜ್ಯ ಮಹಿಳಾ ಆಯೋಗದ ಅಧ್ಯಕ್ಷೆ ಡಾ.ನಾಗಲಕ್ಷ್ಮೀ ಚೌಧರಿ ಸೆಲ್ಫಿ ತೆಗೆಯುತ್ತಿರುವುದು
ಯುವ ದಸರಾದ ಅಂಗವಾಗಿ ಆಯೋಜಿಸಿದ್ದ ಸಂಗೀತ ಕಾರ್ಯಕ್ರಮಕ್ಕೆ ಕಿಕ್ಕಿರಿದು ಜನ ಸೇರಿದ್ದರು. ಇಸ್ರೋ ಯುವಕರು ಭಾವೋದ್ರಿಕ್ತರಾಗಿ ಕುಣಿದರು. ಹಾಡಿನ ಲಯಕ್ಕೆ ತಕ್ಕಂತೆ ಮೊಬೈಲ್ ಟಾರ್ಚ್ ಬೆಳಗಿಸಿ ಸಂಭ್ರಮಿಸಿದರು. ಕಾರ್ಯಕ್ರಮದಲ್ಲಿ ಸಚಿವರು, ಶಾಸಕರು ಹಾಗೂ ಜಿಲ್ಲಾಧಿಕಾರಿಗಳು ಉಪಸ್ಥಿತರಿದ್ದರು. ಪೊಲೀಸ್ ಇಲಾಖೆ ಸೂಕ್ತ ಭದ್ರತಾ ವ್ಯವಸ್ಥೆ ಕೈಗೊಂಡಿತ್ತು. ಡಾ.ಎಚ್.ಸಿ. ಮಹದೇವಪ್ಪ ಮಾತನಾಡಿ, ಯುವ ದಸರಾ ಯುವಕರ ಪ್ರತಿಭೆಗೆ ವೇದಿಕೆ ಒದಗಿಸುತ್ತದೆ. ಸಾಂಸ್ಕೃತಿಕ ಪರಂಪರೆಯನ್ನು ಉಳಿಸಿ ಬೆಳೆಸುವ ಕೆಲಸ ಯುವ ಸಮೂಹದಿಂದ ಆಗಬೇಕು ಎಂದರು. ಈ ಸಂದರ್ಭದಲ್ಲಿ ಶಾಸಕರು, ಮಹಾಪೌರರು, ಜಿಲ್ಲಾಧಿಕಾರಿ ಜಿ. ಲಕ್ಷ್ಮೀಕಾಂತ ರೆಡ್ಡಿ, ಪೊಲೀಸ್ ಆಯುಕ್ತ ಸೀಮಾ ಲಾಟ್ಕರ್ ಸೇರಿದಂತೆ ಗಣ್ಯರು ಉಪಸ್ಥಿತರಿದ್ದರು. ಅನುಮಾನ ಬಳಿ ನಿರ್ಮಿಸಲಾಗಿರುವ ನಿಂತ ಪ್ರೇಕ್ಷಕರ ಎದೆಗೆ ಬಿಗ್ಗುಮಿತ್ತು. ಗ್ಯಾಂಡ್ ಎಂಟ್ರಿ: ಯುವ ದಸರಾ ಮೊದಲ ದಿನ ಯುವಕರ ಸಂಭ್ರಮ ಮುಗಿಲು ಮುಟ್ಟಿತ್ತು. ಗಾಯಕಿ ಸಂಗೀತ ಕಾರ್ಯಕ್ರಮಕ್ಕೆ ಪ್ರೇಕ್ಷಕರು ಕುಣಿದು ಕುಪ್ಪಳಿಸಿದರು. ಗಾಯಕ ಸಂಗೀತ ಸಂಜೆಯಲ್ಲಿ ಕನ್ನಡ, ಹಿಂದಿ, ತೆಲುಗು ಹಾಡುಗಳನ್ನು ಹಾಡಿ ರಂಜಿಸಿದರು. ಲೇಸರ್ ಬೆಳಕಿನ
ದಕ್ಷಿಣ ಕನ್ನಡದಿಂದ ಸಾಮಾಜಿಕ ಹೋರಾಟಗಾರ
ಮಹೇಶ್ ಶೆಟ್ಟಿ ತಿಮರೋಡಿ ರಾಯಚೂರಿನ
ಮಾನ್ವಿಗೆ ಗಡಿಪಾರು!
ಮಂಗಳೂರು, ಸೆ.23- ಧರ್ಮಸ್ಥಳ ಬುರುಡೆ ಪ್ರಕರಣ ಸಂಬಂಧ ಸಾಮಾಜಿಕ ಹೋರಾಟಗಾರ ಮಹೇಶ್ ಶೆಟ್ಟಿ ತಿಮರೋಡಿ ಅವರನ್ನು ರಾಯಚೂರು ಜಿಲ್ಲೆಯ ಮಾನ್ವಿಗೆ ಗಡಿಪಾರು ಮಾಡಲಾಗಿದೆ. ಪುತ್ತೂರು ಸಹಾಯಕ ಆಯುಕ್ತರ ನ್ಯಾಯಾಲಯ ಈ ಆದೇಶ ಹೊರಡಿಸಿದ್ದು, ಒಂದು
ಮಂಗಳೂರು, ಸೆ.23- ಧರ್ಮಸ್ಥಳ ಬುರುಡೆ ಪ್ರಕರಣ ಸಂಬಂಧ ಸಾಮಾಜಿಕ ಹೋರಾಟಗಾರ ಮಹೇಶ್ ಶೆಟ್ಟಿ ತಿಮರೋಡಿ ಅವರನ್ನು ರಾಯಚೂರು ಜಿಲ್ಲೆಯ ಮಾನ್ವಿಗೆ ಗಡಿಪಾರು ಮಾಡಲಾಗಿದೆ. ಪುತ್ತೂರು ಸಹಾಯಕ ಆಯುಕ್ತರ ನ್ಯಾಯಾಲಯ ಈ ಆದೇಶ ಹೊರಡಿಸಿದ್ದು, ಒಂದು ವರ್ಷದ ಅವಧಿಗೆ ಗಡಿಪಾರು
ಮಹಿಷಾ ದಸರಾ ಕರೆ ಹಿನ್ನೆಲೆ;
ನಿಷೇಧಾಜ್ಞೆ ಜಾರಿ
ಮೈಸೂರು, ಸೆ.23(ಎಂಟಿವೈ)- ಮಹಿಷಾ ದಸರಾ ಹಿನ್ನೆಲೆಯಲ್ಲಿ ಚಾಮುಂಡಿಬೆಟ್ಟದ ಮಹಿಷಾಸುರ ಪ್ರತಿಮೆ ಬಳಿ ಪ್ರತ್ಯಪ್ರದರ್ಶನ 200 ಮೀಟರ್ ವ್ಯಾಪ್ತಿಯಲ್ಲಿ ನಿಷೇಧಾಜ್ಞೆ ಜಾರಿಗೊಳಿಸಿ ನಗರ ಪೊಲೀಸ್ ಆಯುಕ್ತರು ಆದೇಶ ಹೊರಡಿಸಿದ್ದಾರೆ. ಕೆಲವು ಸಂಘಟನೆಗಳು ಮಹಿಷಾ ದಸರಾ ಆಚರಣೆಗೆ ಕರೆ ನೀಡಿರುವ ಹಿನ್ನೆಲೆಯಲ್ಲಿ ಮುನ್ನೆಚ್ಚರಿಕೆ ಕ್ರಮವಾಗಿ ಈ ಆದೇಶ ಹೊರಡಿಸಲಾಗಿದೆ. ಸೆ.25ರ ಬೆಳಿಗ್ಗೆ 6 ಗಂಟೆಯಿಂದ ಸೆ.26ರ ಬೆಳಿಗ್ಗೆ 6 ಗಂಟೆಯವರೆಗೆ ನಿಷೇಧಾಜ್ಞೆ ಜಾರಿಯಲ್ಲಿರಲಿದೆ.
ಸಿನಿಮಾ ಟಿಕೆಟ್ ದರ 200 ರೂಪಾಯಿ ನಿಗದಿಪಡಿಸಿದ್ದ
ಆದೇಶಕ್ಕೆ ಹೈಕೋರ್ಟ್ ಮಧ್ಯಂತರ ತಡೆಯಾಜ್ಞೆ
ರಾಜ್ಯ ಸರ್ಕಾರಕ್ಕೆ ಹಿನ್ನಡೆ
ಬೆಂಗಳೂರು, ಸೆ.23- ರಾಜ್ಯದ ಎಲ್ಲಾ ಚಿತ್ರಮಂದಿರಗಳಲ್ಲಿ ಸಿನಿಮಾ ಟಿಕೆಟ್ ದರ 200 ರೂಪಾಯಿ ನಿಗದಿಪಡಿಸಿ ರಾಜ್ಯ ಸರ್ಕಾರ ಹೊರಡಿಸಿದ್ದ ಆದೇಶಕ್ಕೆ ಕರ್ನಾಟಕ ಹೈಕೋರ್ಟ್ ಮಧ್ಯಂತರ ತಡೆ ನೀಡಿದೆ. ಮಲ್ಟಿಪ್ಲೆಕ್ಸ್ ಮಾಲೀಕರ ಸಂಘ ಸಲ್ಲಿಸಿದ್ದ ಅರ್ಜಿ ವಿಚಾರಣೆ ನಡೆಸಿದ ನ್ಯಾಯಮೂರ್ತಿಗಳ ಪೀಠ ಈ ಆದೇಶ ನೀಡಿದೆ. ಸರ್ಕಾರದ ನಿರ್ಧಾರ ಏಕಪಕ್ಷೀಯವಾಗಿದ್ದು ವ್ಯಾಪಾರ ಸ್ವಾತಂತ್ರ್ಯಕ್ಕೆ ಧಕ್ಕೆ ತರುತ್ತದೆ ಎಂದು ಅರ್ಜಿದಾರರು ವಾದಿಸಿದ್ದರು. 200 ರೂಪಾಯಿ ನಿಗದಿ ಮಾಡಿದ್ದ ಕರ್ನಾಟಕ ಸಿನಿಮಾ ನಿಯಂತ್ರಣ ತಿದ್ದುಪಡಿ
ಬೆಂಗಳೂರು, ಸೆ.23- ರಾಜ್ಯದ ಎಲ್ಲಾ ಚಿತ್ರಮಂದಿರಗಳಲ್ಲಿ ಸಿನಿಮಾ ಟಿಕೆಟ್ ದರ 200 ರೂಪಾಯಿ ನಿಗದಿಪಡಿಸಿ ರಾಜ್ಯ ಸರ್ಕಾರ ಹೊರಡಿಸಿದ್ದ ಆದೇಶಕ್ಕೆ ಕರ್ನಾಟಕ ಹೈಕೋರ್ಟ್ ಮಧ್ಯಂತರ ತಡೆ ನೀಡಿದೆ. ಮಲ್ಟಿಪ್ಲೆಕ್ಸ್ ಮಾಲೀಕರ ಸಂಘ ಸಲ್ಲಿಸಿದ್ದ ಅರ್ಜಿ ವಿಚಾರಣೆ ನಡೆಸಿದ ನ್ಯಾಯಮೂರ್ತಿಗಳ ಪೀಠ ಈ ಆದೇಶ ನೀಡಿದೆ. ಸರ್ಕಾರದ ನಿರ್ಧಾರ ಏಕಪಕ್ಷೀಯವಾಗಿದ್ದು ವ್ಯಾಪಾರ ಸ್ವಾತಂತ್ರ್ಯಕ್ಕೆ ಧಕ್ಕೆ ತರುತ್ತದೆ ಎಂದು ಅರ್ಜಿದಾರರು ವಾದಿಸಿದ್ದರು. 200 ರೂಪಾಯಿ ನಿಗದಿ ಮಾಡಿದ್ದ ಕರ್ನಾಟಕ ಸಿನಿಮಾ ನಿಯಂತ್ರಣ ತಿದ್ದುಪಡಿ ನಿಯಮಗಳ ಜಾರಿಗೆ ಹೈಕೋರ್ಟ್ ತಡೆ ನೀಡಿದ್ದು, ಮುಂದಿನ ವಿಚಾರಣೆಯನ್ನು ಮುಂದೂಡಿದೆ. ಸರ್ಕಾರದ ಪರ ವಕೀಲರು ಆಕ್ಷೇಪಣೆ ಸಲ್ಲಿಸಲು ಕಾಲಾವಕಾಶ ಕೋರಿದರು. ಗಳಿಸಿದ ಹೊಣೆಯನ್ನು ಎತ್ತಿ ಹಿಡಿದು ಇದೀಗ ಸರ್ಕಾರ ಹೆಚ್ಚಿನ ತನಿಖೆ ನಡೆಸಬೇಕು ಎಂದು ಮನವಿ ಮಾಡಿದರು.
ಅನಾರೋಗ್ಯದಿಂದ ಬಳಲುತ್ತಿದ್ದ ವ್ಯಕ್ತಿ ಪತ್ರ ಬರೆದಿಟ್ಟು ನಾಪತ್ತೆ
ಮೈಸೂರು: ಅನಾರೋಗ್ಯದಿಂದ ಬಳಲುತ್ತಿದ್ದ ವ್ಯಕ್ತಿಯೊಬ್ಬರು ಪತ್ರ ಬರೆದಿಟ್ಟು ನಾಪತ್ತೆಯಾಗಿರುವ ಘಟನೆ ನಗರದಲ್ಲಿ ನಡೆದಿದೆ. ಕುವೆಂಪುನಗರ ನಿವಾಸಿ (67) ನಾಪತ್ತೆಯಾದವರು. ಇವರು ಕಳೆದ ಕೆಲವು ದಿನಗಳಿಂದ ಅನಾರೋಗ್ಯದಿಂದ ಬಳಲುತ್ತಿದ್ದು, ಮನೆಯಲ್ಲಿ ಪತ್ರ ಬರೆದಿಟ್ಟು ಹೊರಹೋದವರು ಮರಳಿ ಬಂದಿಲ್ಲ. ಕುಟುಂಬಸ್ಥರು ಠಾಣೆಗೆ ದೂರು ನೀಡಿದ್ದು, ಇವರ ಸುಳಿವು ಸಿಕ್ಕಲ್ಲಿ ಹತ್ತಿರದ ಪೊಲೀಸ್
ಮೈಸೂರು: ಅನಾರೋಗ್ಯದಿಂದ ಬಳಲುತ್ತಿದ್ದ ವ್ಯಕ್ತಿಯೊಬ್ಬರು ಪತ್ರ
ಹಾಸಿಗೆಯಿಂದಲೇ ಚಿಕಿತ್ಸೆ ಪಡೆಯುತ್ತಿದ್ದರು. ಆದರೆ ಕಾಯಿಲೆಯ ನೋವಿನಿಂದ ಬೇಸತ್ತು ಮನೆಯಿಂದ ಹೊರ ನಡೆದಿರಬಹುದು ಎಂದು ಶಂಕಿಸಲಾಗಿದೆ. ನಾಪತ್ತೆಯಾದ ವ್ಯಕ್ತಿ ಪತ್ತೆಗೆ ಪೊಲೀಸರು ಶೋಧ ಕಾರ್ಯ ಆರಂಭಿಸಿದ್ದಾರೆ. ಮಾಹಿತಿ ಇದ್ದಲ್ಲಿ ಮೊ: 96328-08592 ಸಂಪರ್ಕಿಸಬಹುದು. ಮೈಸೂರು: ಅನಾರೋಗ್ಯದಿಂದ ಬಳಲುತ್ತಿದ್ದ ವ್ಯಕ್ತಿಯೊಬ್ಬರು ಪತ್ರ ಬರೆದಿಟ್ಟು ನಾಪತ್ತೆಯಾಗಿರುವ ಘಟನೆ ನಗರದಲ್ಲಿ ನಡೆದಿದೆ. ಕುವೆಂಪುನಗರ ನಿವಾಸಿ (67) ನಾಪತ್ತೆಯಾದವರು. ಇವರು ಕಳೆದ ಕೆಲವು ದಿನಗಳಿಂದ ಅನಾರೋಗ್ಯದಿಂದ ಬಳಲುತ್ತಿದ್ದು, ಮನೆಯಲ್ಲಿ ಪತ್ರ ಬರೆದಿಟ್ಟು ಹೊರಹೋದವರು ಮರಳಿ ಬಂದಿಲ್ಲ. ಕುಟುಂಬಸ್ಥರು ಠಾಣೆಗೆ ದೂರು ನೀಡಿದ್ದು, ಇವರ ಸುಳಿವು ಸಿಕ್ಕಲ್ಲಿ ಹತ್ತಿರದ
●●●●	●●●●
